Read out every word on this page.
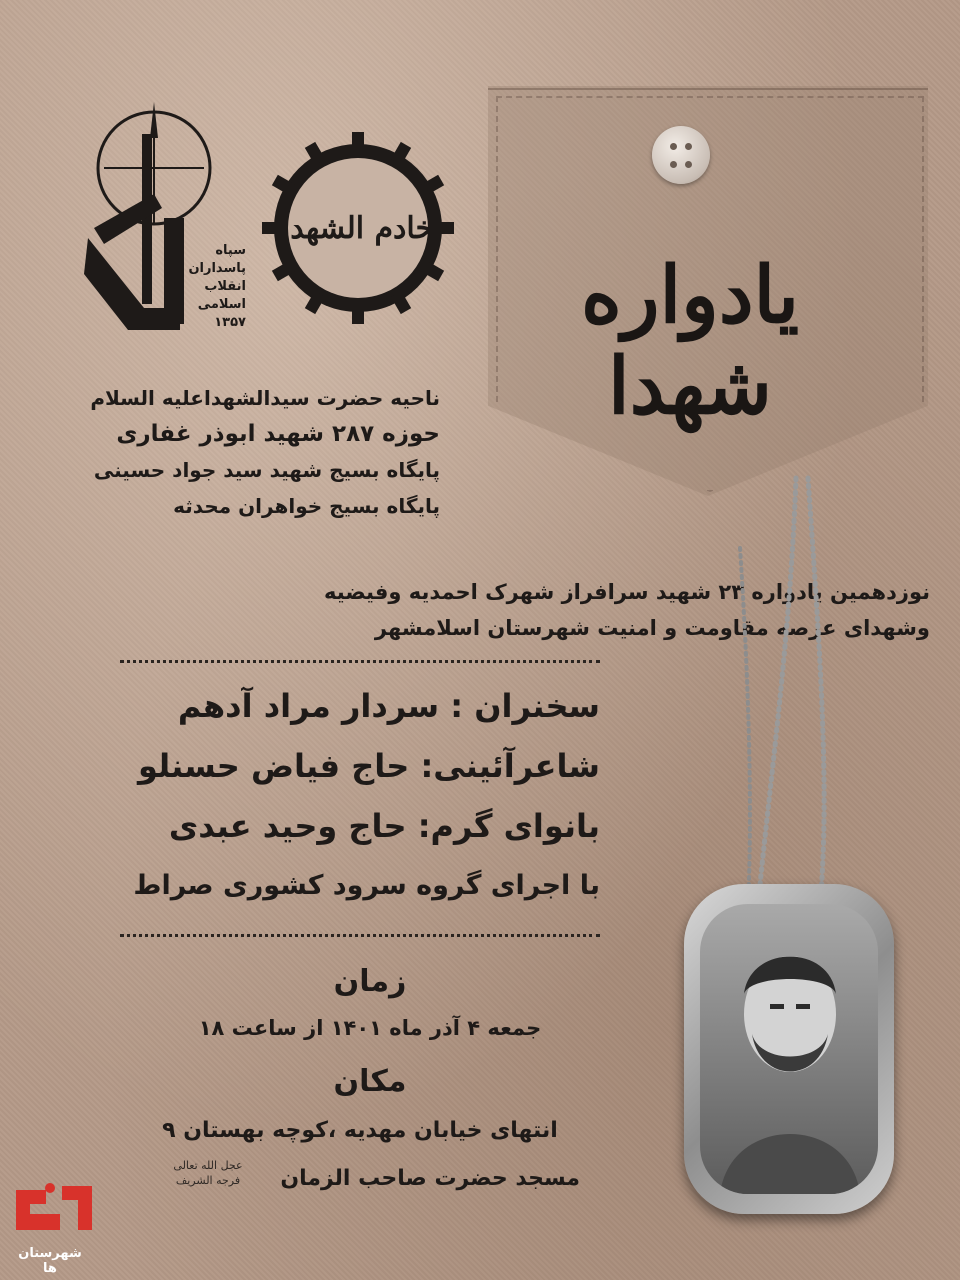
یادواره شهدا
سپاه
پاسداران
انقلاب
اسلامی
۱۳۵۷
خادم الشهدا
ناحیه حضرت سیدالشهداعلیه السلام
حوزه ۲۸۷ شهید ابوذر غفاری
پایگاه بسیج شهید سید جواد حسینی
پایگاه بسیج خواهران محدثه
نوزدهمین یادواره ۲۳ شهید سرافراز شهرک احمدیه وفیضیه
وشهدای عرصه مقاومت و امنیت شهرستان اسلامشهر
سخنران : سردار مراد آدهم
شاعرآئینی: حاج فیاض حسنلو
بانوای گرم: حاج وحید عبدی
با اجرای گروه سرود کشوری صراط
زمان
جمعه ۴ آذر ماه ۱۴۰۱ از ساعت ۱۸
مکان
انتهای خیابان مهدیه ،کوچه بهستان ۹
مسجد حضرت صاحب الزمان
عجل الله تعالی فرجه الشریف
شهرستان ها
